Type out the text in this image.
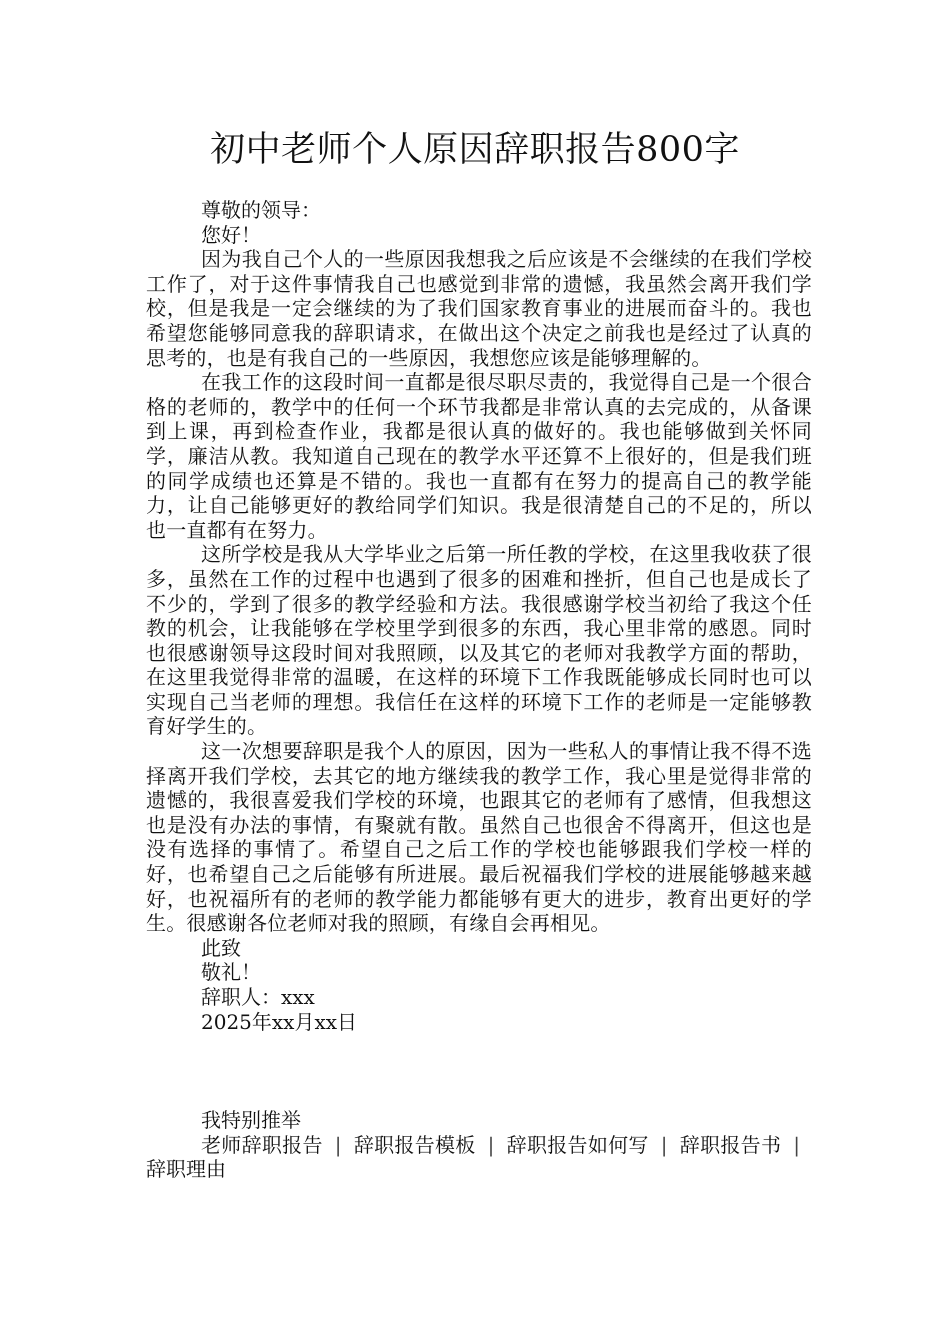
初中老师个人原因辞职报告800字

尊敬的领导：

您好！

因为我自己个人的一些原因我想我之后应该是不会继续的在我们学校工作了，对于这件事情我自己也感觉到非常的遗憾，我虽然会离开我们学校，但是我是一定会继续的为了我们国家教育事业的进展而奋斗的。我也希望您能够同意我的辞职请求，在做出这个决定之前我也是经过了认真的思考的，也是有我自己的一些原因，我想您应该是能够理解的。

在我工作的这段时间一直都是很尽职尽责的，我觉得自己是一个很合格的老师的，教学中的任何一个环节我都是非常认真的去完成的，从备课到上课，再到检查作业，我都是很认真的做好的。我也能够做到关怀同学，廉洁从教。我知道自己现在的教学水平还算不上很好的，但是我们班的同学成绩也还算是不错的。我也一直都有在努力的提高自己的教学能力，让自己能够更好的教给同学们知识。我是很清楚自己的不足的，所以也一直都有在努力。

这所学校是我从大学毕业之后第一所任教的学校，在这里我收获了很多，虽然在工作的过程中也遇到了很多的困难和挫折，但自己也是成长了不少的，学到了很多的教学经验和方法。我很感谢学校当初给了我这个任教的机会，让我能够在学校里学到很多的东西，我心里非常的感恩。同时也很感谢领导这段时间对我照顾，以及其它的老师对我教学方面的帮助，在这里我觉得非常的温暖，在这样的环境下工作我既能够成长同时也可以实现自己当老师的理想。我信任在这样的环境下工作的老师是一定能够教育好学生的。

这一次想要辞职是我个人的原因，因为一些私人的事情让我不得不选择离开我们学校，去其它的地方继续我的教学工作，我心里是觉得非常的遗憾的，我很喜爱我们学校的环境，也跟其它的老师有了感情，但我想这也是没有办法的事情，有聚就有散。虽然自己也很舍不得离开，但这也是没有选择的事情了。希望自己之后工作的学校也能够跟我们学校一样的好，也希望自己之后能够有所进展。最后祝福我们学校的进展能够越来越好，也祝福所有的老师的教学能力都能够有更大的进步，教育出更好的学生。很感谢各位老师对我的照顾，有缘自会再相见。

此致

敬礼！

辞职人：xxx

2025年xx月xx日

我特别推举

老师辞职报告 | 辞职报告模板 | 辞职报告如何写 | 辞职报告书 |辞职理由
